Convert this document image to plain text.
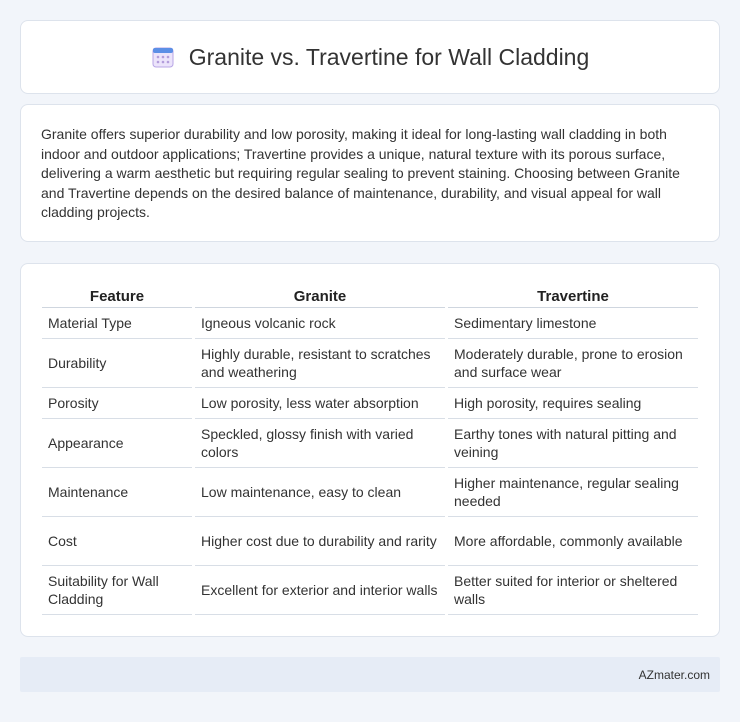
Granite vs. Travertine for Wall Cladding

Granite offers superior durability and low porosity, making it ideal for long-lasting wall cladding in both indoor and outdoor applications; Travertine provides a unique, natural texture with its porous surface, delivering a warm aesthetic but requiring regular sealing to prevent staining. Choosing between Granite and Travertine depends on the desired balance of maintenance, durability, and visual appeal for wall cladding projects.

Feature	Granite	Travertine
Material Type	Igneous volcanic rock	Sedimentary limestone
Durability	Highly durable, resistant to scratches and weathering	Moderately durable, prone to erosion and surface wear
Porosity	Low porosity, less water absorption	High porosity, requires sealing
Appearance	Speckled, glossy finish with varied colors	Earthy tones with natural pitting and veining
Maintenance	Low maintenance, easy to clean	Higher maintenance, regular sealing needed
Cost	Higher cost due to durability and rarity	More affordable, commonly available
Suitability for Wall Cladding	Excellent for exterior and interior walls	Better suited for interior or sheltered walls
AZmater.com
